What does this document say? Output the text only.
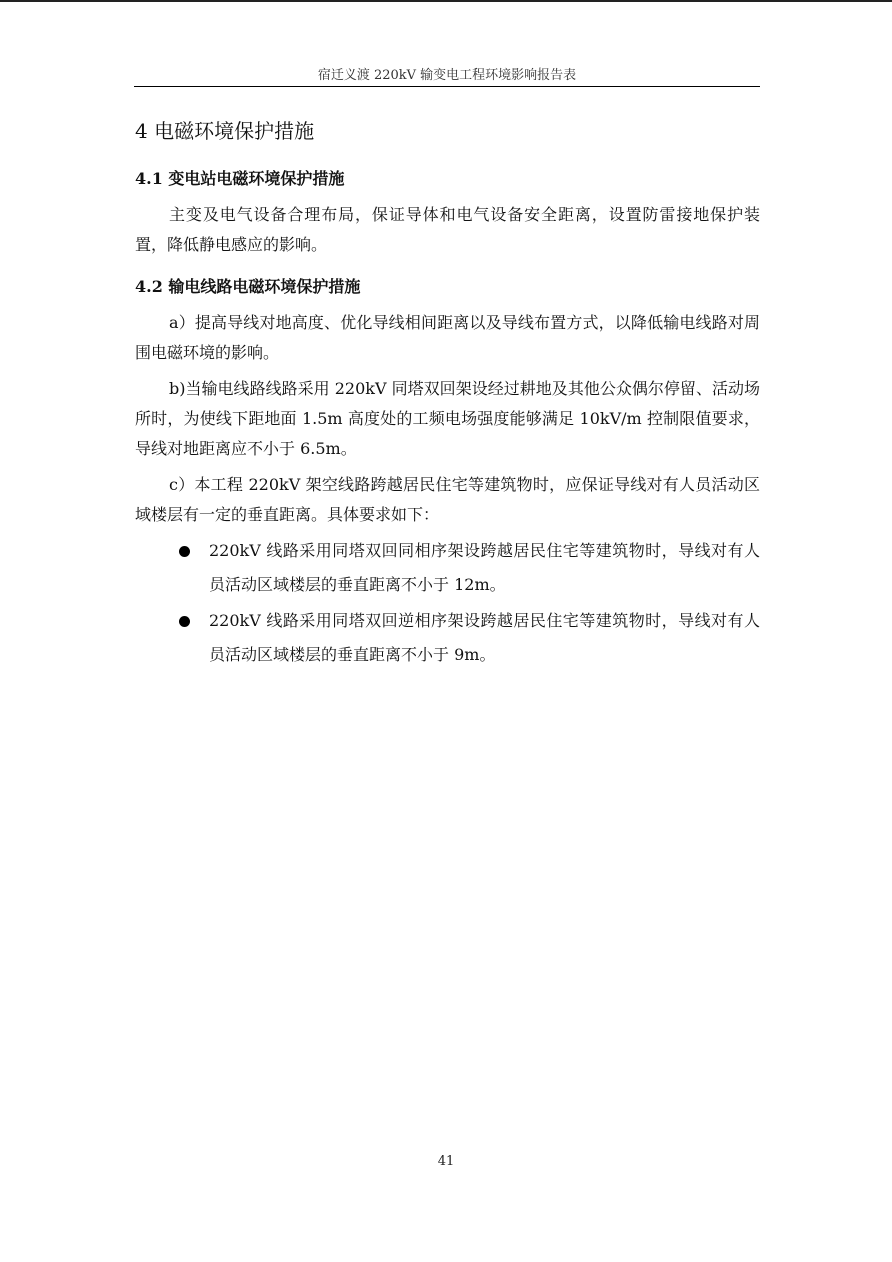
宿迁义渡 220kV 输变电工程环境影响报告表
4 电磁环境保护措施
4.1 变电站电磁环境保护措施

主变及电气设备合理布局，保证导体和电气设备安全距离，设置防雷接地保护装置，降低静电感应的影响。

4.2 输电线路电磁环境保护措施

a）提高导线对地高度、优化导线相间距离以及导线布置方式，以降低输电线路对周围电磁环境的影响。

b)当输电线路线路采用 220kV 同塔双回架设经过耕地及其他公众偶尔停留、活动场所时，为使线下距地面 1.5m 高度处的工频电场强度能够满足 10kV/m 控制限值要求，导线对地距离应不小于 6.5m。

c）本工程 220kV 架空线路跨越居民住宅等建筑物时，应保证导线对有人员活动区域楼层有一定的垂直距离。具体要求如下：

220kV 线路采用同塔双回同相序架设跨越居民住宅等建筑物时，导线对有人员活动区域楼层的垂直距离不小于 12m。
220kV 线路采用同塔双回逆相序架设跨越居民住宅等建筑物时，导线对有人员活动区域楼层的垂直距离不小于 9m。
41
